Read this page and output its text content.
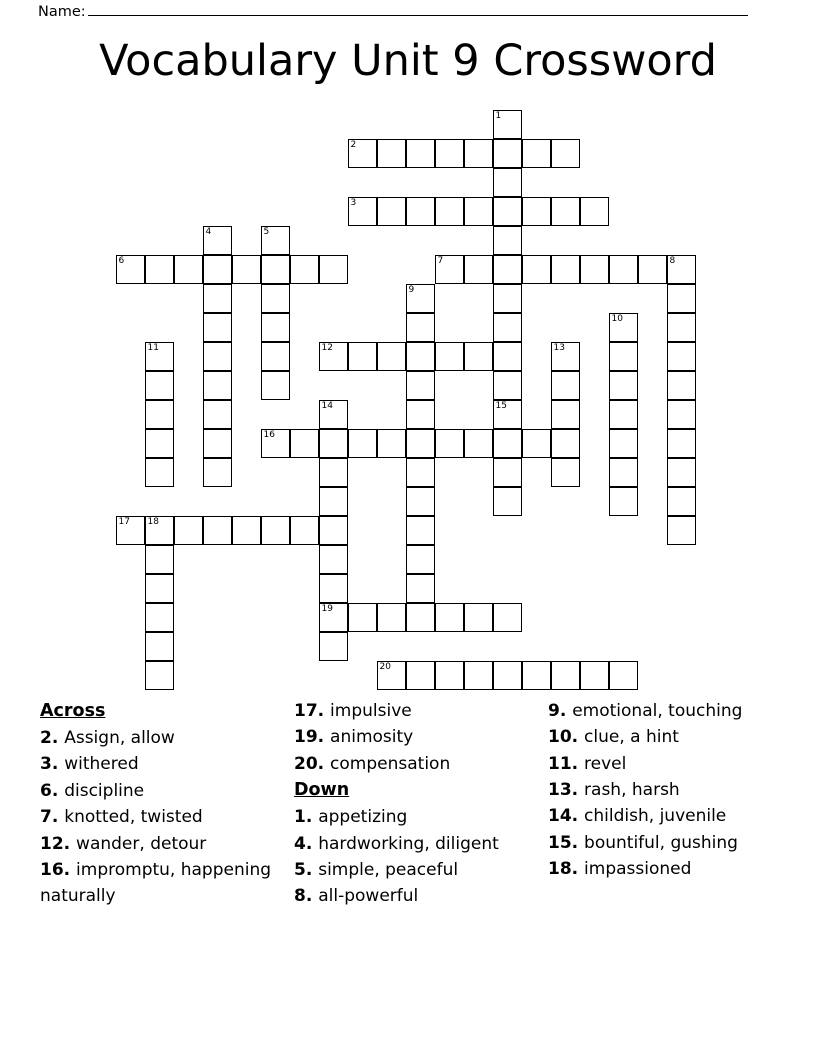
Name:
Vocabulary Unit 9 Crossword
1
2
3
4	5
6	7	8
9
10
11	12	13
14	15
16
17 18
19
20
Across
2. Assign, allow
3. withered
6. discipline
7. knotted, twisted
12. wander, detour
16. impromptu, happening naturally
17. impulsive
19. animosity
20. compensation
Down
1. appetizing
4. hardworking, diligent
5. simple, peaceful
8. all-powerful
9. emotional, touching
10. clue, a hint
11. revel
13. rash, harsh
14. childish, juvenile
15. bountiful, gushing
18. impassioned
